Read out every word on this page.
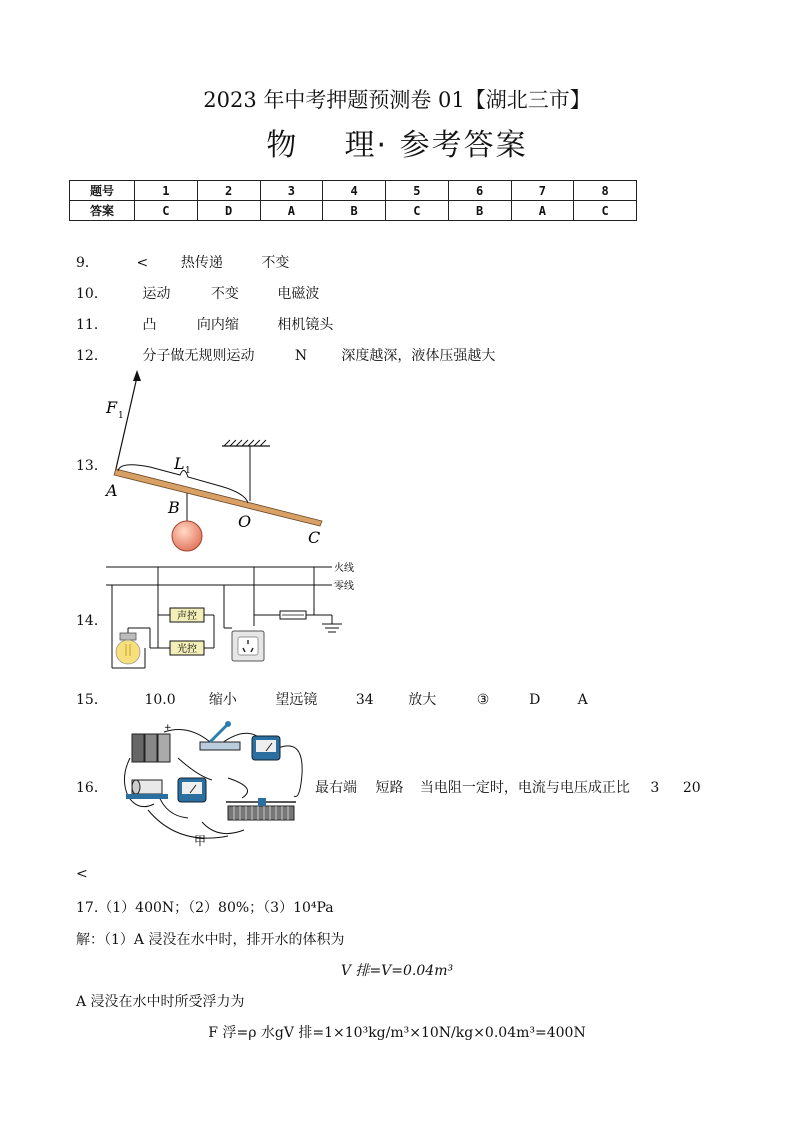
2023 年中考押题预测卷 01【湖北三市】
物    理· 参考答案
题号	1	2	3	4	5	6	7	8
答案	C	D	A	B	C	B	A	C
9．	< 热传递	不变
10． 运动	不变	电磁波
11． 凸	向内缩	相机镜头
12． 分子做无规则运动	N 深度越深，液体压强越大
13．
F 1
L 1
A
B
O
C
14．	声控
光控
火线
零线
15．	10.0 缩小	望远镜	34 放大	③	D	A
16．
+
甲
最右端 短路 当电阻一定时，电流与电压成正比 3 20
<
17.（1）400N；（2）80%；（3）10⁴Pa
解：（1）A 浸没在水中时，排开水的体积为
V 排=V=0.04m³
A 浸没在水中时所受浮力为
F 浮=ρ 水gV 排=1×10³kg/m³×10N/kg×0.04m³=400N
